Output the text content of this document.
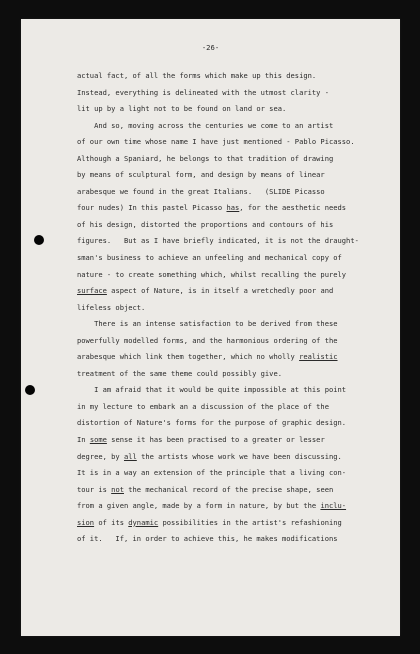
-26-
actual fact, of all the forms which make up this design.
Instead, everything is delineated with the utmost clarity -
lit up by a light not to be found on land or sea.
And so, moving across the centuries we come to an artist
of our own time whose name I have just mentioned - Pablo Picasso.
Although a Spaniard, he belongs to that tradition of drawing
by means of sculptural form, and design by means of linear
arabesque we found in the great Italians.   (SLIDE Picasso
four nudes) In this pastel Picasso has, for the aesthetic needs
of his design, distorted the proportions and contours of his
figures.   But as I have briefly indicated, it is not the draught-
sman's business to achieve an unfeeling and mechanical copy of
nature - to create something which, whilst recalling the purely
surface aspect of Nature, is in itself a wretchedly poor and
lifeless object.
There is an intense satisfaction to be derived from these
powerfully modelled forms, and the harmonious ordering of the
arabesque which link them together, which no wholly realistic
treatment of the same theme could possibly give.
I am afraid that it would be quite impossible at this point
in my lecture to embark an a discussion of the place of the
distortion of Nature's forms for the purpose of graphic design.
In some sense it has been practised to a greater or lesser
degree, by all the artists whose work we have been discussing.
It is in a way an extension of the principle that a living con-
tour is not the mechanical record of the precise shape, seen
from a given angle, made by a form in nature, by but the inclu-
sion of its dynamic possibilities in the artist's refashioning
of it.   If, in order to achieve this, he makes modifications
